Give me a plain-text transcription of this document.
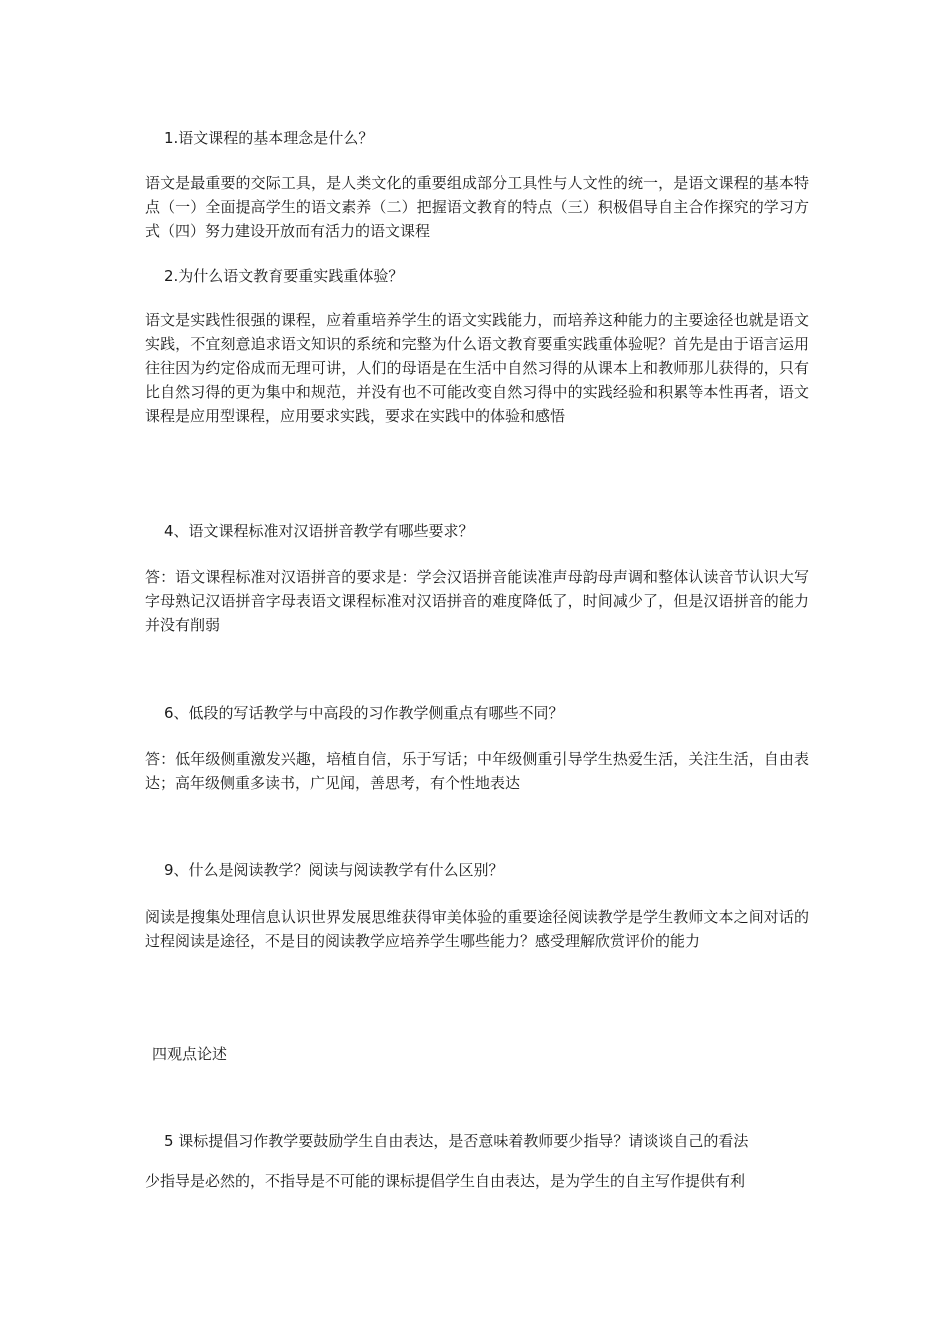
1.语文课程的基本理念是什么？
语文是最重要的交际工具，是人类文化的重要组成部分工具性与人文性的统一，是语文课程的基本特点（一）全面提高学生的语文素养（二）把握语文教育的特点（三）积极倡导自主合作探究的学习方式（四）努力建设开放而有活力的语文课程
2.为什么语文教育要重实践重体验？
语文是实践性很强的课程，应着重培养学生的语文实践能力，而培养这种能力的主要途径也就是语文实践，不宜刻意追求语文知识的系统和完整为什么语文教育要重实践重体验呢？首先是由于语言运用往往因为约定俗成而无理可讲，人们的母语是在生活中自然习得的从课本上和教师那儿获得的，只有比自然习得的更为集中和规范，并没有也不可能改变自然习得中的实践经验和积累等本性再者，语文课程是应用型课程，应用要求实践，要求在实践中的体验和感悟
4、语文课程标准对汉语拼音教学有哪些要求？
答：语文课程标准对汉语拼音的要求是：学会汉语拼音能读准声母韵母声调和整体认读音节认识大写字母熟记汉语拼音字母表语文课程标准对汉语拼音的难度降低了，时间减少了，但是汉语拼音的能力并没有削弱
6、低段的写话教学与中高段的习作教学侧重点有哪些不同？
答：低年级侧重激发兴趣，培植自信，乐于写话；中年级侧重引导学生热爱生活，关注生活，自由表达；高年级侧重多读书，广见闻，善思考，有个性地表达
9、什么是阅读教学？阅读与阅读教学有什么区别？
阅读是搜集处理信息认识世界发展思维获得审美体验的重要途径阅读教学是学生教师文本之间对话的过程阅读是途径，不是目的阅读教学应培养学生哪些能力？感受理解欣赏评价的能力
四观点论述
5 课标提倡习作教学要鼓励学生自由表达，是否意味着教师要少指导？请谈谈自己的看法
少指导是必然的，不指导是不可能的课标提倡学生自由表达，是为学生的自主写作提供有利
